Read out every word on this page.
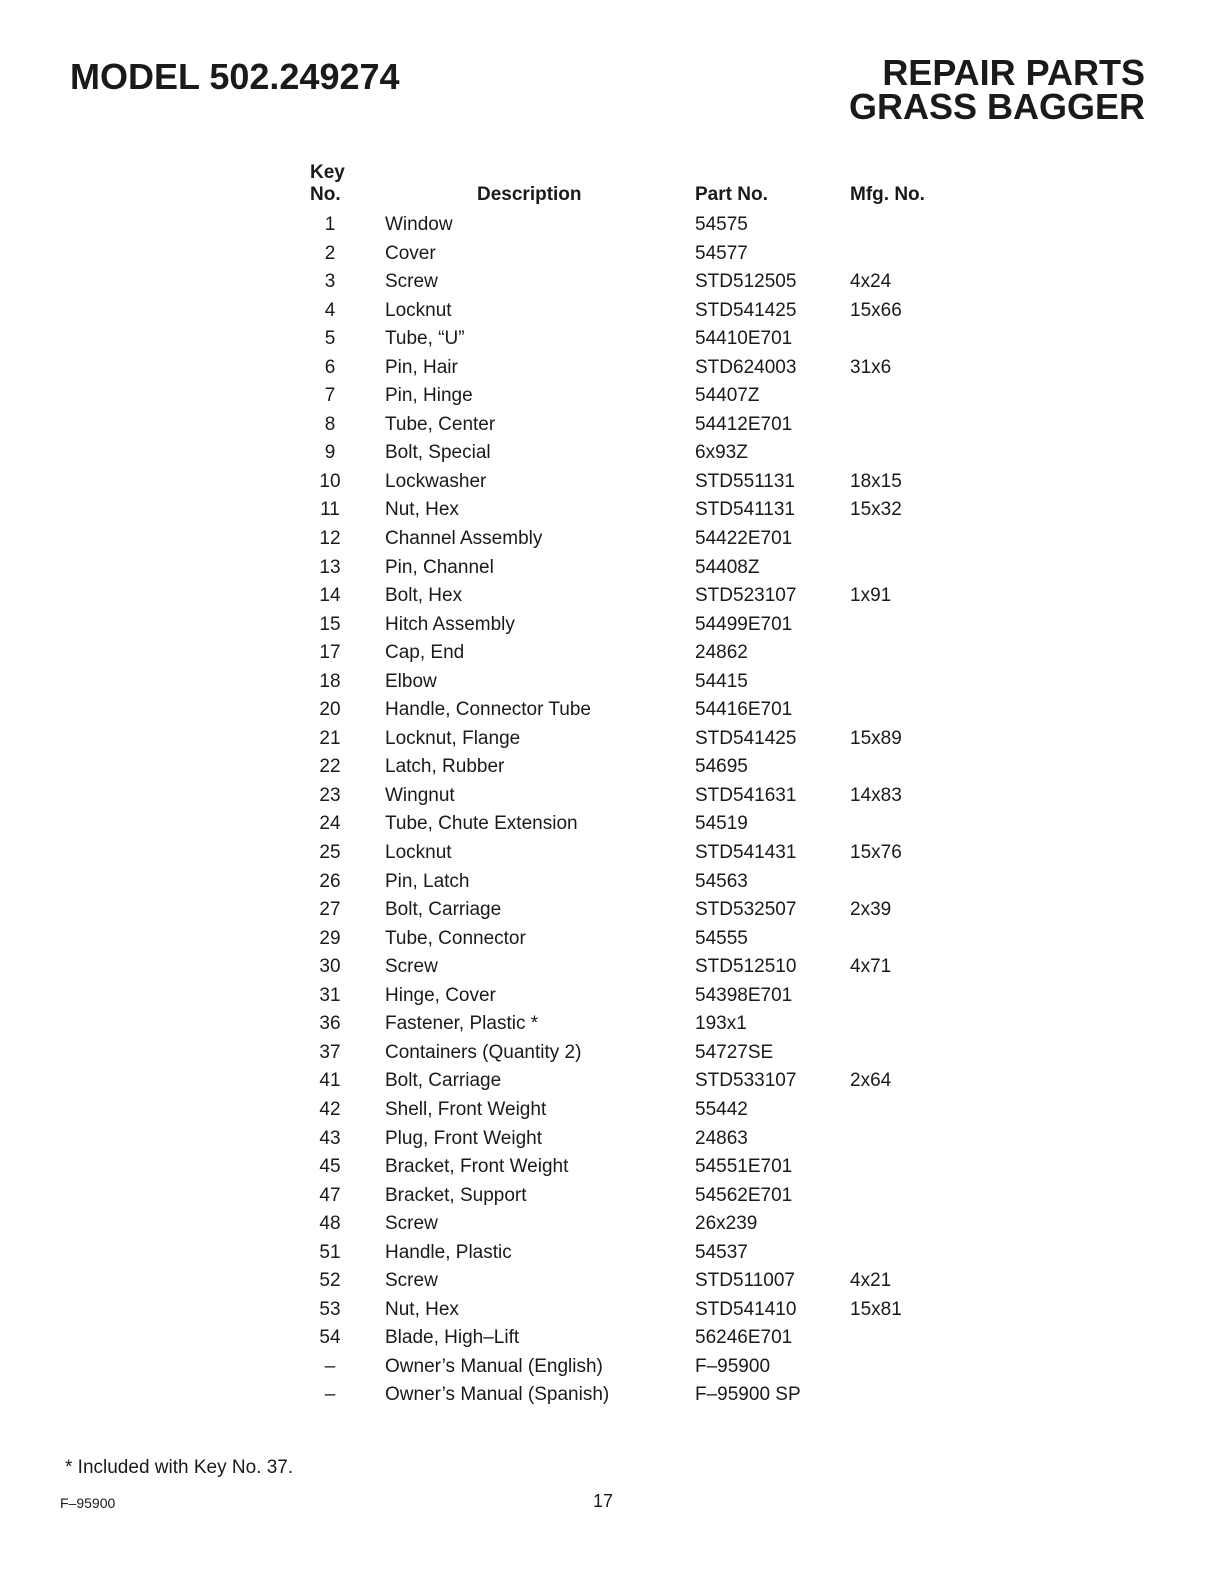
MODEL 502.249274	REPAIR PARTS
GRASS BAGGER
Key
No.	Description	Part No.	Mfg. No.
1	Window	54575
2	Cover	54577
3	Screw	STD512505	4x24
4	Locknut	STD541425	15x66
5	Tube, “U”	54410E701
6	Pin, Hair	STD624003	31x6
7	Pin, Hinge	54407Z
8	Tube, Center	54412E701
9	Bolt, Special	6x93Z
10	Lockwasher	STD551131	18x15
11	Nut, Hex	STD541131	15x32
12	Channel Assembly	54422E701
13	Pin, Channel	54408Z
14	Bolt, Hex	STD523107	1x91
15	Hitch Assembly	54499E701
17	Cap, End	24862
18	Elbow	54415
20	Handle, Connector Tube	54416E701
21	Locknut, Flange	STD541425	15x89
22	Latch, Rubber	54695
23	Wingnut	STD541631	14x83
24	Tube, Chute Extension	54519
25	Locknut	STD541431	15x76
26	Pin, Latch	54563
27	Bolt, Carriage	STD532507	2x39
29	Tube, Connector	54555
30	Screw	STD512510	4x71
31	Hinge, Cover	54398E701
36	Fastener, Plastic *	193x1
37	Containers (Quantity 2)	54727SE
41	Bolt, Carriage	STD533107	2x64
42	Shell, Front Weight	55442
43	Plug, Front Weight	24863
45	Bracket, Front Weight	54551E701
47	Bracket, Support	54562E701
48	Screw	26x239
51	Handle, Plastic	54537
52	Screw	STD511007	4x21
53	Nut, Hex	STD541410	15x81
54	Blade, High–Lift	56246E701
–	Owner’s Manual (English)	F–95900
–	Owner’s Manual (Spanish)	F–95900 SP
* Included with Key No. 37.
F–95900	17
